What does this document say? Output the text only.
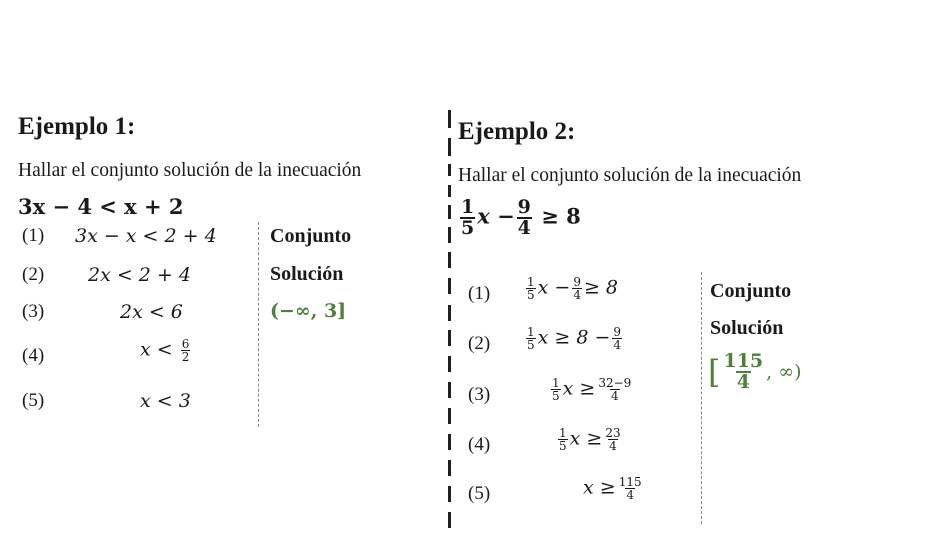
Ejemplo 1:
Hallar el conjunto solución de la inecuación
3x − 4 < x + 2
(1) 3x − x < 2 + 4
(2) 2x < 2 + 4
(3)	2x < 6
(4)	$x < \frac{6}{2}$
(5)	x < 3
Conjunto
Solución
(−∞, 3]
Ejemplo 2:
Hallar el conjunto solución de la inecuación
$\frac{1}{5}$ $x - \frac{9}{4} \ge 8$
(1)	$\frac{1}{5}$ $x - \frac{9}{4} \ge 8$
(2)	$\frac{1}{5}$ $x \ge 8 - \frac{9}{4}$
(3)	$\frac{1}{5}$ $x \ge \frac{32-9}{4}$
(4)	$\frac{1}{5}$ $x \ge \frac{23}{4}$
(5)	$x \ge \frac{115}{4}$
Conjunto
Solución
[ $\frac{115}{4}$ , ∞)
